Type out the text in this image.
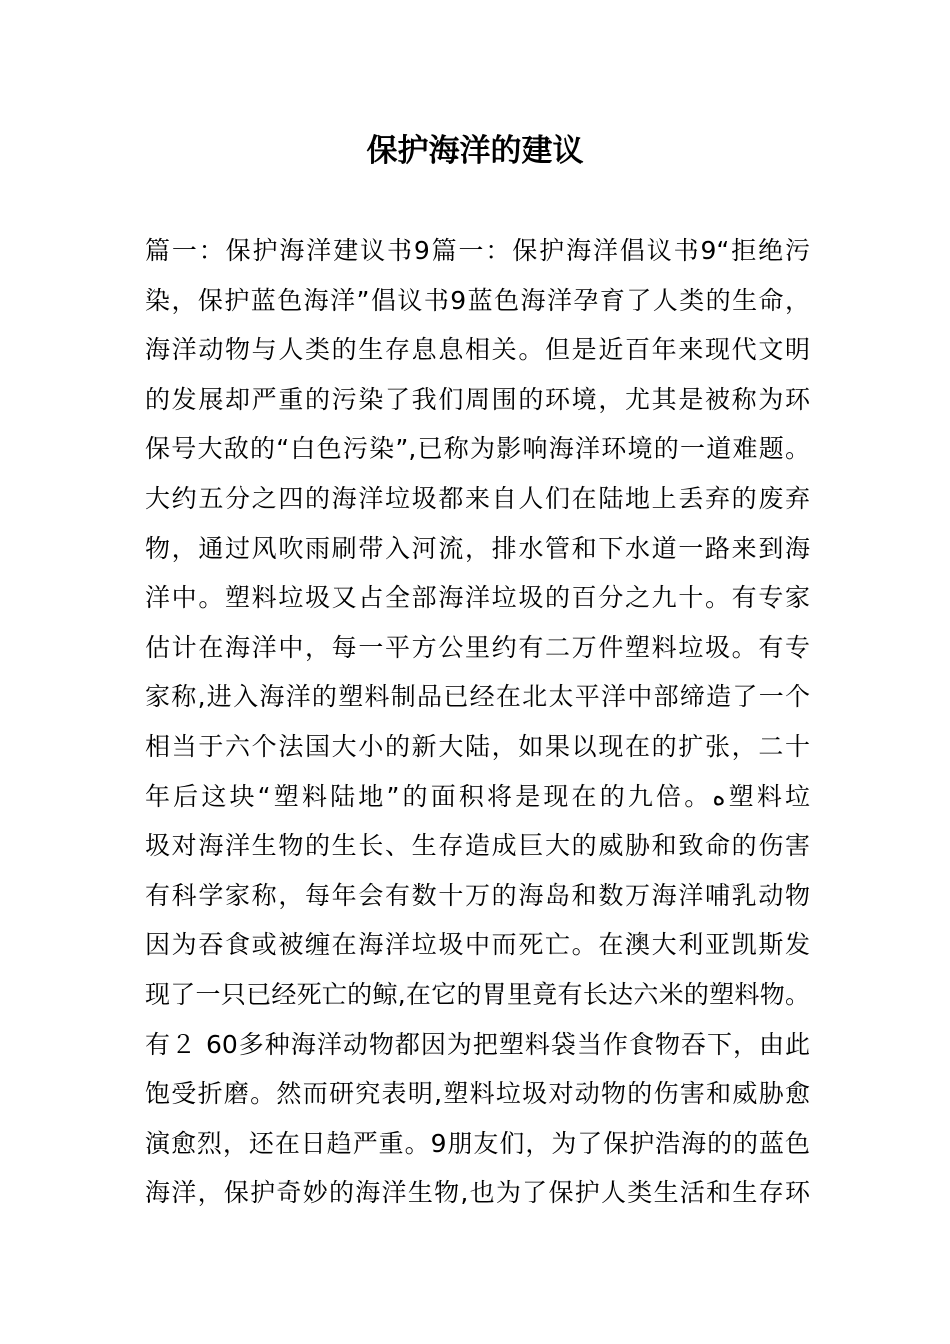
保护海洋的建议
篇一：保护海洋建议书9篇一：保护海洋倡议书9“拒绝污
染，保护蓝色海洋”倡议书9蓝色海洋孕育了人类的生命，
海洋动物与人类的生存息息相关。但是近百年来现代文明
的发展却严重的污染了我们周围的环境，尤其是被称为环
保号大敌的“白色污染”,已称为影响海洋环境的一道难题。
大约五分之四的海洋垃圾都来自人们在陆地上丢弃的废弃
物，通过风吹雨刷带入河流，排水管和下水道一路来到海
洋中。塑料垃圾又占全部海洋垃圾的百分之九十。有专家
估计在海洋中，每一平方公里约有二万件塑料垃圾。有专
家称,进入海洋的塑料制品已经在北太平洋中部缔造了一个
相当于六个法国大小的新大陆，如果以现在的扩张，二十
年后这块“塑料陆地”的面积将是现在的九倍。ﻩ塑料垃
圾对海洋生物的生长、生存造成巨大的威胁和致命的伤害
有科学家称，每年会有数十万的海岛和数万海洋哺乳动物
因为吞食或被缠在海洋垃圾中而死亡。在澳大利亚凯斯发
现了一只已经死亡的鲸,在它的胃里竟有长达六米的塑料物。
有２ 60多种海洋动物都因为把塑料袋当作食物吞下，由此
饱受折磨。然而研究表明,塑料垃圾对动物的伤害和威胁愈
演愈烈，还在日趋严重。9朋友们，为了保护浩海的的蓝色
海洋，保护奇妙的海洋生物,也为了保护人类生活和生存环
